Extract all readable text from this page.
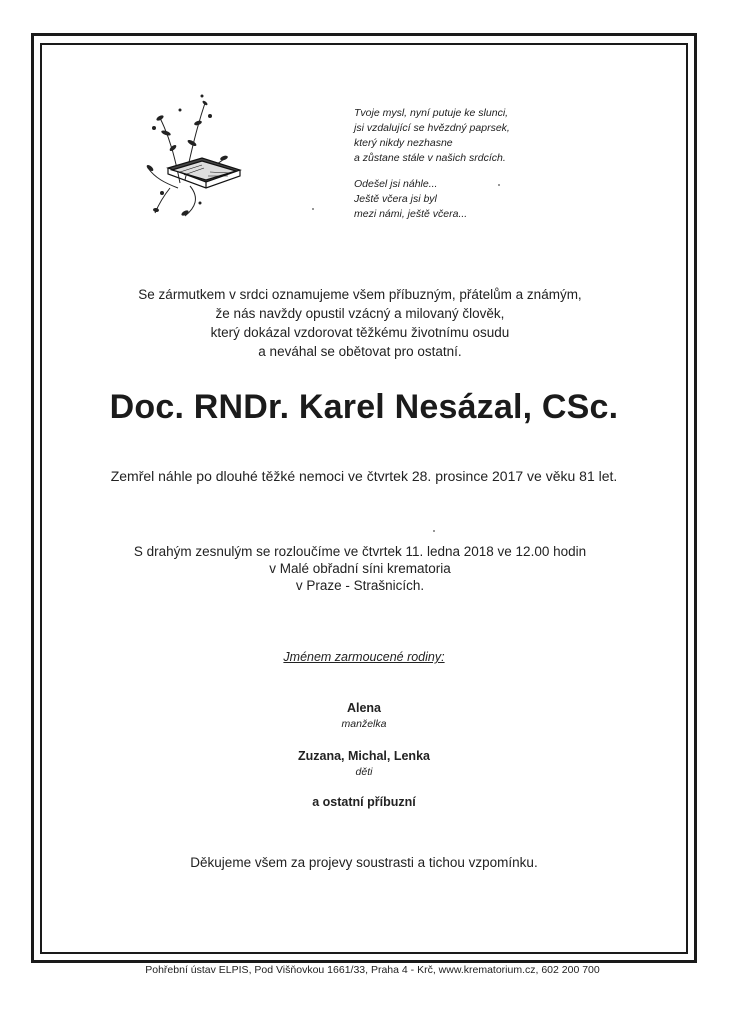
Tvoje mysl, nyní putuje ke slunci,
jsi vzdalující se hvězdný paprsek,
který nikdy nezhasne
a zůstane stále v našich srdcích.
Odešel jsi náhle...
Ještě včera jsi byl
mezi námi, ještě včera...
Se zármutkem v srdci oznamujeme všem příbuzným, přátelům a známým,
že nás navždy opustil vzácný a milovaný člověk,
který dokázal vzdorovat těžkému životnímu osudu
a neváhal se obětovat pro ostatní.
Doc. RNDr. Karel Nesázal, CSc.
Zemřel náhle po dlouhé těžké nemoci ve čtvrtek 28. prosince 2017 ve věku 81 let.
S drahým zesnulým se rozloučíme ve čtvrtek 11. ledna 2018 ve 12.00 hodin
v Malé obřadní síni krematoria
v Praze - Strašnicích.
Jménem zarmoucené rodiny:
Alena
manželka
Zuzana, Michal, Lenka
děti
a ostatní příbuzní
Děkujeme všem za projevy soustrasti a tichou vzpomínku.
Pohřební ústav ELPIS, Pod Višňovkou 1661/33, Praha 4 - Krč, www.krematorium.cz, 602 200 700
